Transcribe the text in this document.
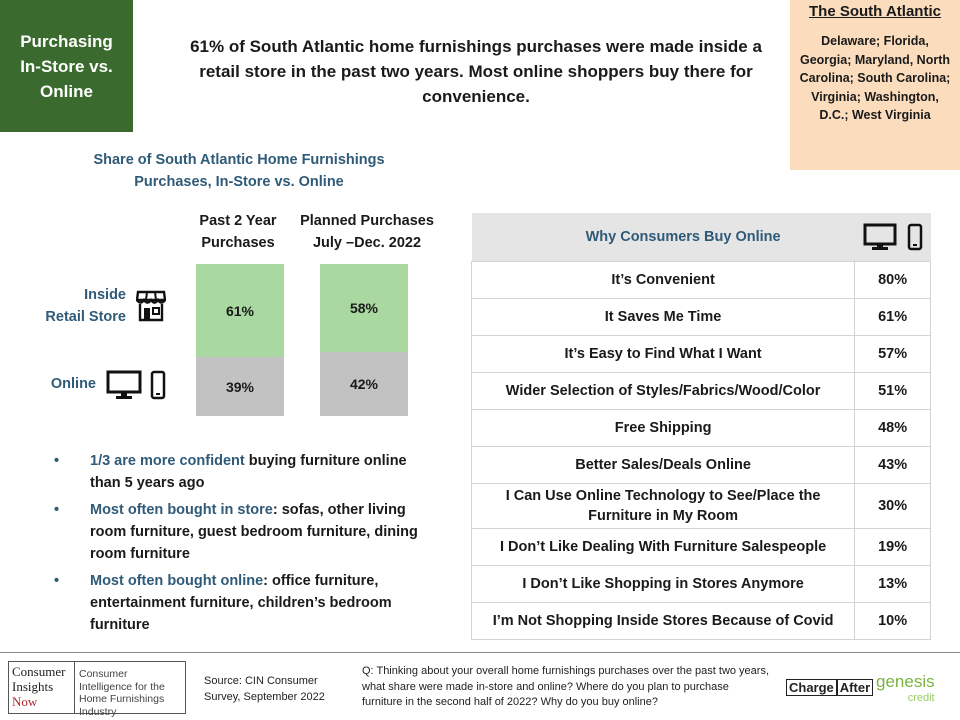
Purchasing
In-Store vs.
Online
61% of South Atlantic home furnishings purchases were made inside a retail store in the past two years. Most online shoppers buy there for convenience.
The South Atlantic
Delaware; Florida, Georgia; Maryland, North Carolina; South Carolina; Virginia; Washington, D.C.; West Virginia
Share of South Atlantic Home Furnishings Purchases, In-Store vs. Online
Past 2 Year
Purchases
Planned Purchases
July –Dec. 2022
Inside
Retail Store
Online
61%
39%
58%
42%
• 1/3 are more confident buying furniture online than 5 years ago
• Most often bought in store: sofas, other living room furniture, guest bedroom furniture, dining room furniture
• Most often bought online: office furniture, entertainment furniture, children’s bedroom furniture
Why Consumers Buy Online	
It’s Convenient	80%
It Saves Me Time	61%
It’s Easy to Find What I Want	57%
Wider Selection of Styles/Fabrics/Wood/Color	51%
Free Shipping	48%
Better Sales/Deals Online	43%
I Can Use Online Technology to See/Place the Furniture in My Room	30%
I Don’t Like Dealing With Furniture Salespeople	19%
I Don’t Like Shopping in Stores Anymore	13%
I’m Not Shopping Inside Stores Because of Covid	10%
Consumer
Insights
Now
Consumer Intelligence for the Home Furnishings Industry
Source: CIN Consumer
Survey, September 2022
Q: Thinking about your overall home furnishings purchases over the past two years, what share were made in-store and online? Where do you plan to purchase furniture in the second half of 2022? Why do you buy online?
Charge After genesis
credit
